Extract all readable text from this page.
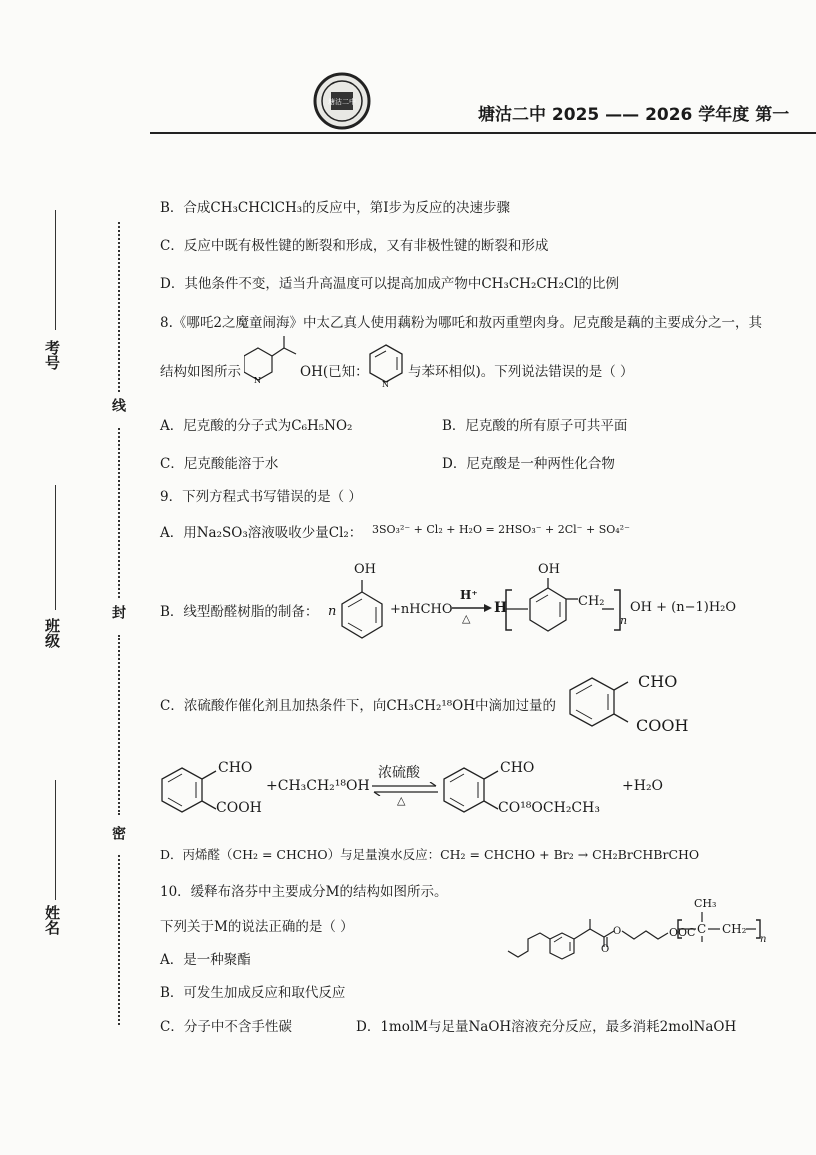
塘沽二中
塘沽二中 2025 —— 2026 学年度 第一
考号
班级
姓名
线
封
密
B．合成CH₃CHClCH₃的反应中，第Ⅰ步为反应的决速步骤
C．反应中既有极性键的断裂和形成，又有非极性键的断裂和形成
D．其他条件不变，适当升高温度可以提高加成产物中CH₃CH₂CH₂Cl的比例
8.《哪吒2之魔童闹海》中太乙真人使用藕粉为哪吒和敖丙重塑肉身。尼克酸是藕的主要成分之一，其
结构如图所示
N
OH(已知：
N
与苯环相似)。下列说法错误的是（ ）
A．尼克酸的分子式为C₆H₅NO₂	B．尼克酸的所有原子可共平面
C．尼克酸能溶于水	D．尼克酸是一种两性化合物
9．下列方程式书写错误的是（ ）
A．用Na₂SO₃溶液吸收少量Cl₂： 3SO₃²⁻ + Cl₂ + H₂O = 2HSO₃⁻ + 2Cl⁻ + SO₄²⁻
B．线型酚醛树脂的制备： n
OH
+nHCHO
H⁺
△
H
OH
CH₂
n
OH + (n−1)H₂O
C．浓硫酸作催化剂且加热条件下，向CH₃CH₂¹⁸OH中滴加过量的
CHO
COOH
CHO
COOH
+CH₃CH₂¹⁸OH
浓硫酸
△
CHO
CO¹⁸OCH₂CH₃
+H₂O
D．丙烯醛（CH₂ = CHCHO）与足量溴水反应：CH₂ = CHCHO + Br₂ → CH₂BrCHBrCHO
10．缓释布洛芬中主要成分M的结构如图所示。
下列关于M的说法正确的是（ ）
A．是一种聚酯
B．可发生加成反应和取代反应
C．分子中不含手性碳	D．1molM与足量NaOH溶液充分反应，最多消耗2molNaOH
O
O	OOC
CH₃
C CH₂
n
